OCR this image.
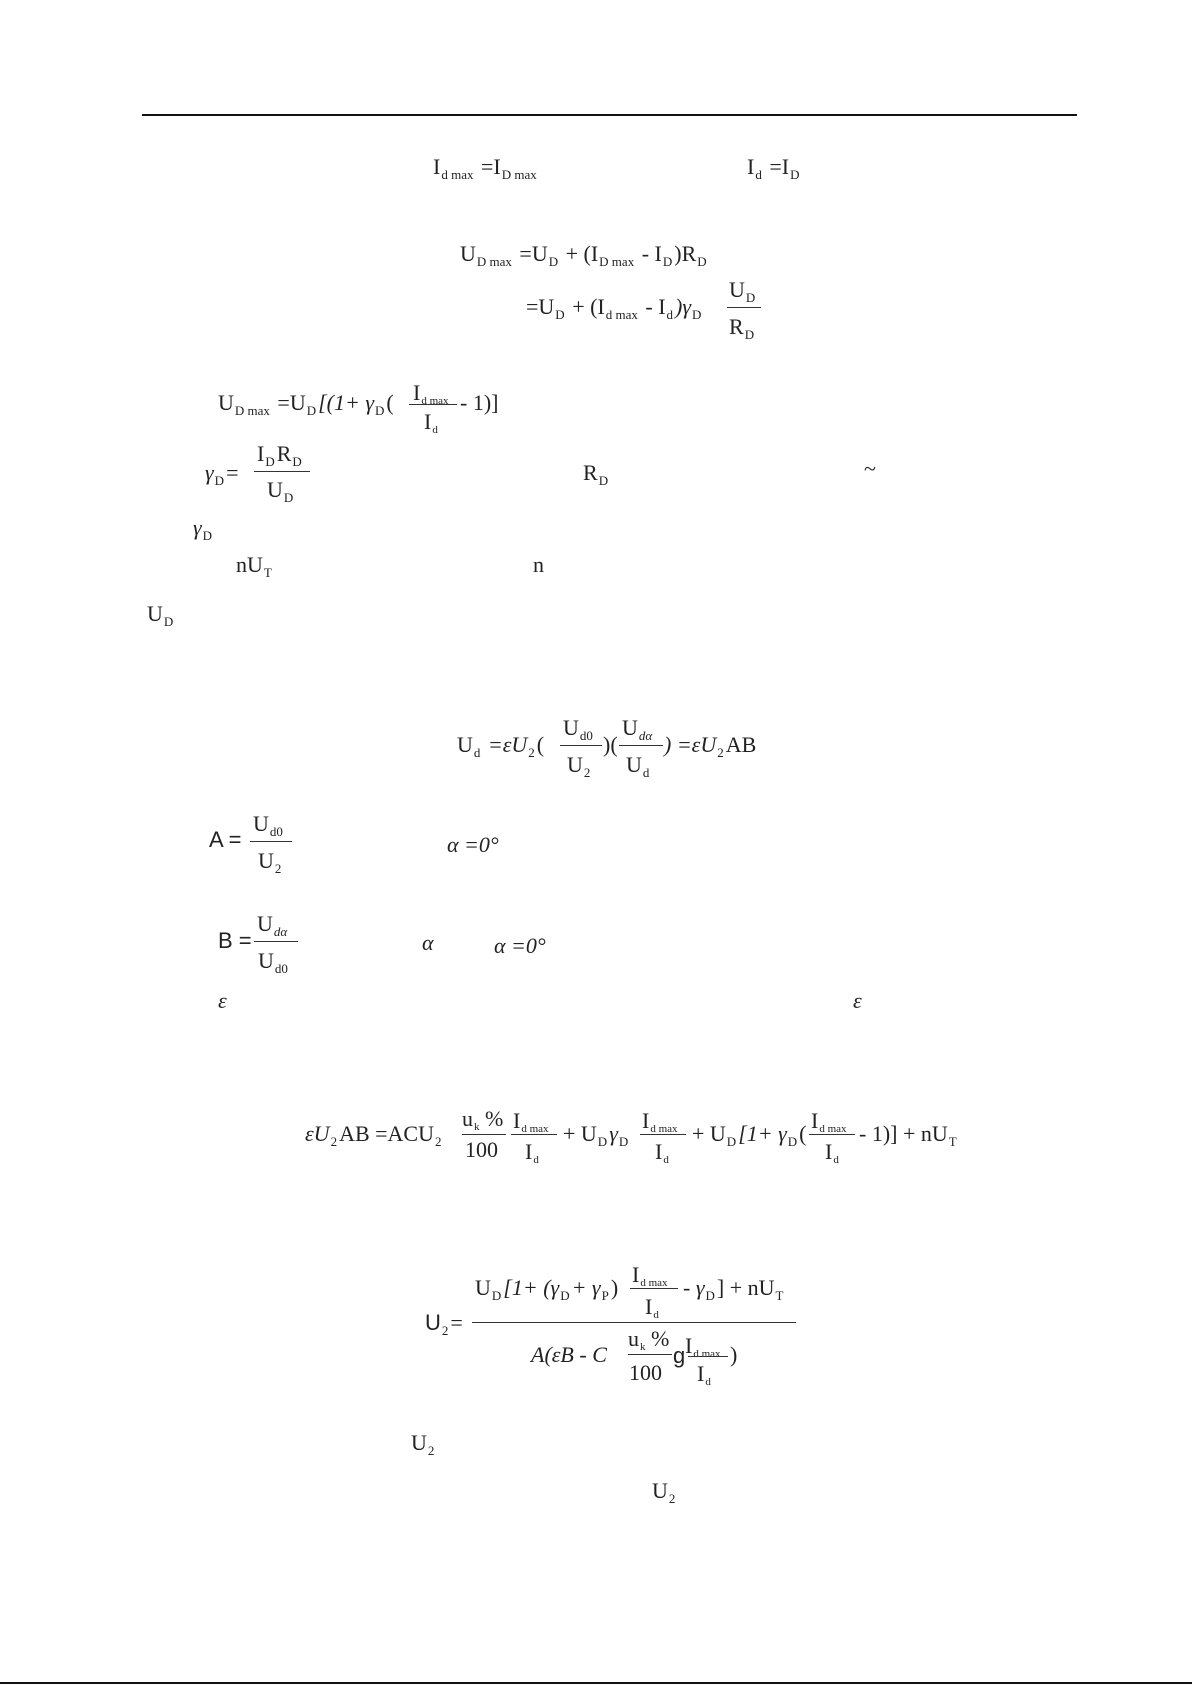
$I_{d max} =I_{D max}$	$I_d =I_D$
$U_{D max} =U_D + (I_{D max} - I_D)R_D$
$=U_D + (I_{d max} - I_d)\gamma_D$
$U_D$
$R_D$
$U_{D max} =U_D[(1+ \gamma_D$( Id max
Id
- 1)]
$\gamma_D=$
$I_DR_D$
$U_D$
$R_D$	~
$\gamma_D$
$nU_T$	n
$U_D$
$U_d =\varepsilon U_2$(
$U_{d0}$
$U_2$
)(
$U_{d\alpha}$
$U_d$
) $=\varepsilon U_2AB$
A =
$U_{d0}$
$U_2$
α =0°
B =
$U_{d\alpha}$
$U_{d0}$
α	α =0°
ε	ε
$\varepsilon U_2AB =ACU_2$
uk %
100
Id max
Id
+ $U_D\gamma_D$
Id max
Id
+ $U_D[1+ \gamma_D$(
Id max
Id
- $1)] + nU_T$
$U_2=$
$U_D[1+ (\gamma_D+ \gamma_P)$
Id max
Id
- $\gamma_D] + nU_T$
A(εB - C
uk %
100
g Id max
Id
)
$U_2$
$U_2$
